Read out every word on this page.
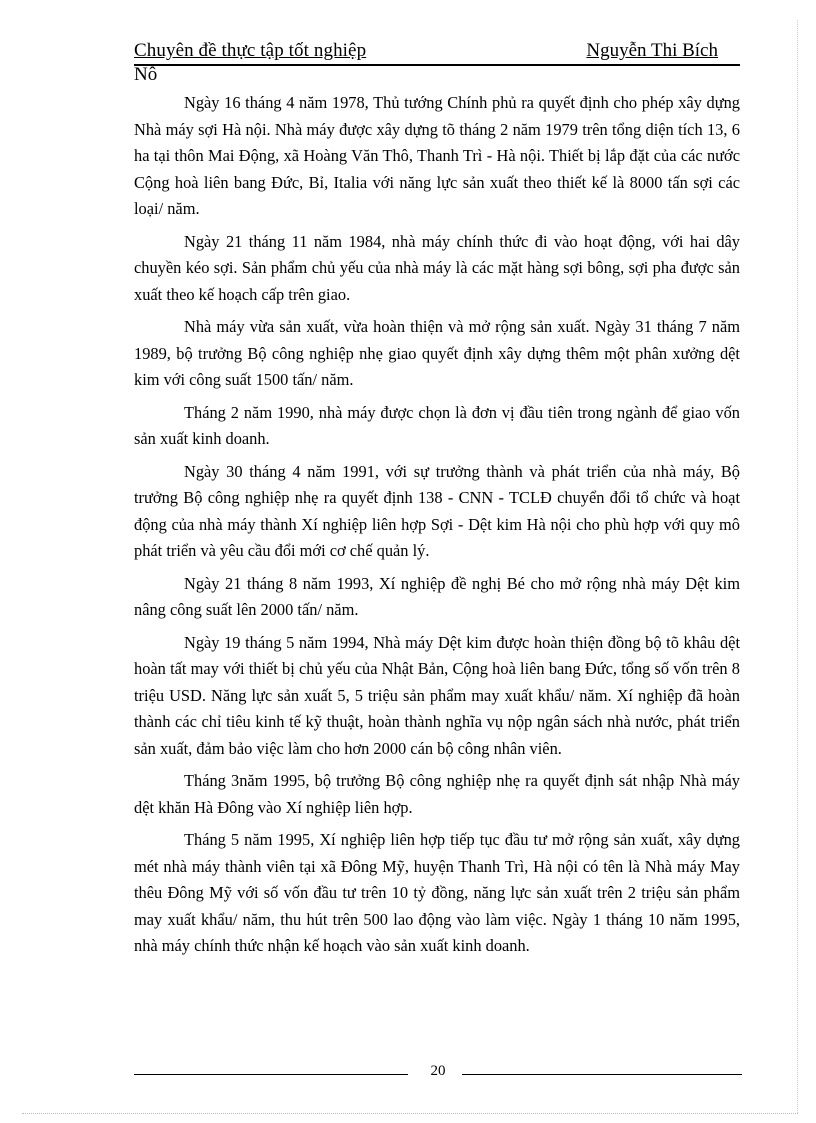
Chuyên đề thực tập tốt nghiệp	Nguyễn Thi Bích
Nô

Ngày 16 tháng 4 năm 1978, Thủ tướng Chính phủ ra quyết định cho phép xây dựng Nhà máy sợi Hà nội. Nhà máy được xây dựng tõ tháng 2 năm 1979 trên tổng diện tích 13, 6 ha tại thôn Mai Động, xã Hoàng Văn Thô, Thanh Trì - Hà nội. Thiết bị lắp đặt của các nước Cộng hoà liên bang Đức, Bỉ, Italia với năng lực sản xuất theo thiết kế là 8000 tấn sợi các loại/ năm.

Ngày 21 tháng 11 năm 1984, nhà máy chính thức đi vào hoạt động, với hai dây chuyền kéo sợi. Sản phẩm chủ yếu của nhà máy là các mặt hàng sợi bông, sợi pha được sản xuất theo kế hoạch cấp trên giao.

Nhà máy vừa sản xuất, vừa hoàn thiện và mở rộng sản xuất. Ngày 31 tháng 7 năm 1989, bộ trưởng Bộ công nghiệp nhẹ giao quyết định xây dựng thêm một phân xưởng dệt kim với công suất 1500 tấn/ năm.

Tháng 2 năm 1990, nhà máy được chọn là đơn vị đầu tiên trong ngành để giao vốn sản xuất kinh doanh.

Ngày 30 tháng 4 năm 1991, với sự trưởng thành và phát triển của nhà máy, Bộ trưởng Bộ công nghiệp nhẹ ra quyết định 138 - CNN - TCLĐ chuyển đổi tổ chức và hoạt động của nhà máy thành Xí nghiệp liên hợp Sợi - Dệt kim Hà nội cho phù hợp với quy mô phát triển và yêu cầu đổi mới cơ chế quản lý.

Ngày 21 tháng 8 năm 1993, Xí nghiệp đề nghị Bé cho mở rộng nhà máy Dệt kim nâng công suất lên 2000 tấn/ năm.

Ngày 19 tháng 5 năm 1994, Nhà máy Dệt kim được hoàn thiện đồng bộ tõ khâu dệt hoàn tất may với thiết bị chủ yếu của Nhật Bản, Cộng hoà liên bang Đức, tổng số vốn trên 8 triệu USD. Năng lực sản xuất 5, 5 triệu sản phẩm may xuất khẩu/ năm. Xí nghiệp đã hoàn thành các chỉ tiêu kinh tế kỹ thuật, hoàn thành nghĩa vụ nộp ngân sách nhà nước, phát triển sản xuất, đảm bảo việc làm cho hơn 2000 cán bộ công nhân viên.

Tháng 3năm 1995, bộ trưởng Bộ công nghiệp nhẹ ra quyết định sát nhập Nhà máy dệt khăn Hà Đông vào Xí nghiệp liên hợp.

Tháng 5 năm 1995, Xí nghiệp liên hợp tiếp tục đầu tư mở rộng sản xuất, xây dựng mét nhà máy thành viên tại xã Đông Mỹ, huyện Thanh Trì, Hà nội có tên là Nhà máy May thêu Đông Mỹ với số vốn đầu tư trên 10 tỷ đồng, năng lực sản xuất trên 2 triệu sản phẩm may xuất khẩu/ năm, thu hút trên 500 lao động vào làm việc. Ngày 1 tháng 10 năm 1995, nhà máy chính thức nhận kế hoạch vào sản xuất kinh doanh.

20
